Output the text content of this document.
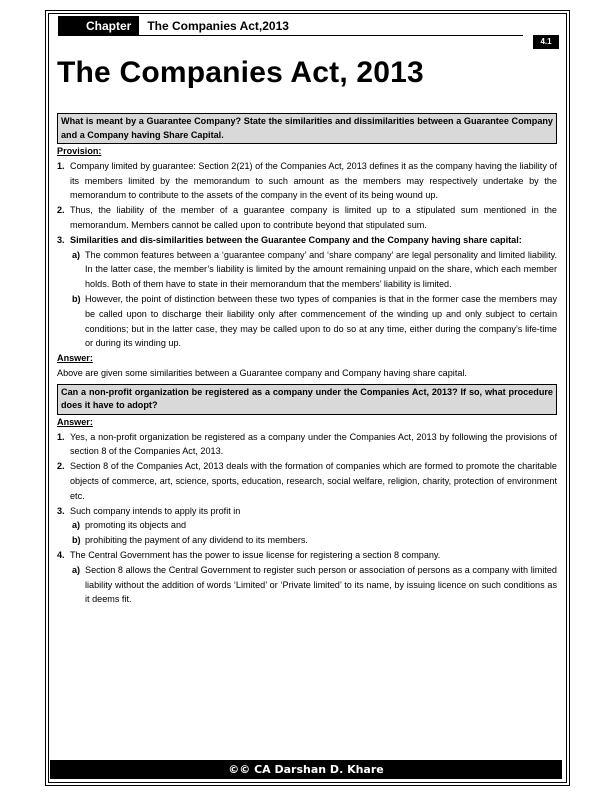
Chapter	The Companies Act,2013
4.1
The Companies Act, 2013
What is meant by a Guarantee Company? State the similarities and dissimilarities between a Guarantee Company and a Company having Share Capital.
Provision:
1. Company limited by guarantee: Section 2(21) of the Companies Act, 2013 defines it as the company having the liability of its members limited by the memorandum to such amount as the members may respectively undertake by the memorandum to contribute to the assets of the company in the event of its being wound up.
2. Thus, the liability of the member of a guarantee company is limited up to a stipulated sum mentioned in the memorandum. Members cannot be called upon to contribute beyond that stipulated sum.
3. Similarities and dis-similarities between the Guarantee Company and the Company having share capital:
a) The common features between a ‘guarantee company’ and ‘share company’ are legal personality and limited liability. In the latter case, the member’s liability is limited by the amount remaining unpaid on the share, which each member holds. Both of them have to state in their memorandum that the members’ liability is limited.
b) However, the point of distinction between these two types of companies is that in the former case the members may be called upon to discharge their liability only after commencement of the winding up and only subject to certain conditions; but in the latter case, they may be called upon to do so at any time, either during the company’s life-time or during its winding up.
Answer:
Above are given some similarities between a Guarantee company and Company having share capital.
Can a non-profit organization be registered as a company under the Companies Act, 2013? If so, what procedure does it have to adopt?
Answer:
1. Yes, a non-profit organization be registered as a company under the Companies Act, 2013 by following the provisions of section 8 of the Companies Act, 2013.
2. Section 8 of the Companies Act, 2013 deals with the formation of companies which are formed to promote the charitable objects of commerce, art, science, sports, education, research, social welfare, religion, charity, protection of environment etc.
3. Such company intends to apply its profit in
a) promoting its objects and
b) prohibiting the payment of any dividend to its members.
4. The Central Government has the power to issue license for registering a section 8 company.
a) Section 8 allows the Central Government to register such person or association of persons as a company with limited liability without the addition of words ‘Limited’ or ‘Private limited’ to its name, by issuing licence on such conditions as it deems fit.
©© CA Darshan D. Khare
